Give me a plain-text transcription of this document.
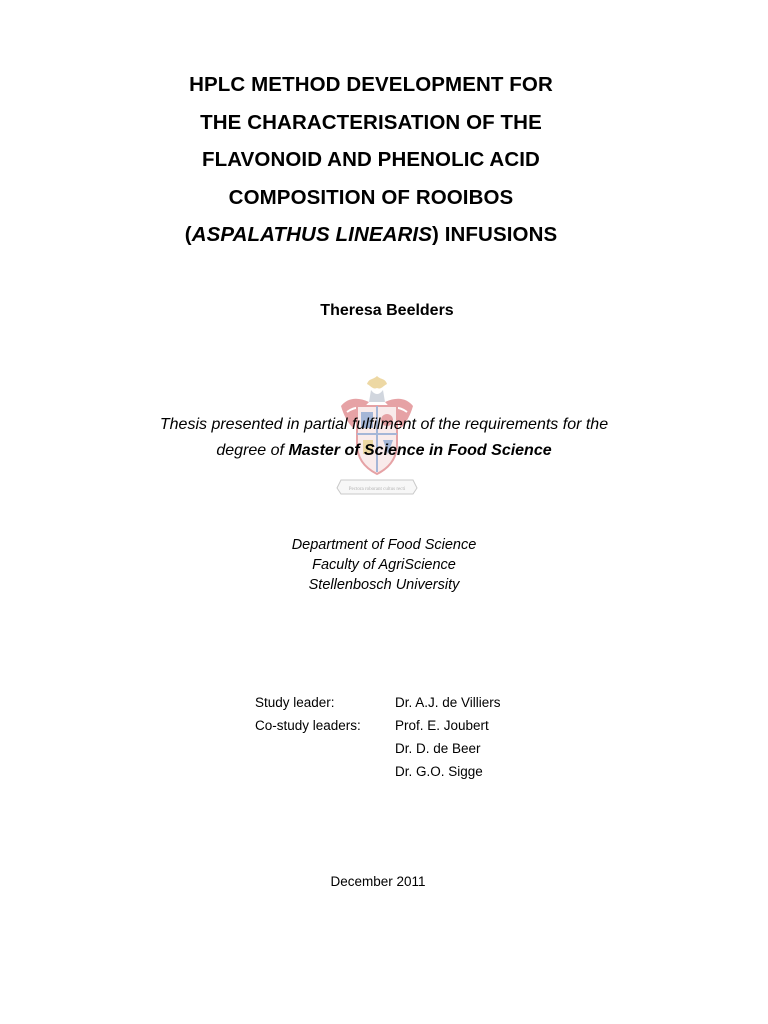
HPLC METHOD DEVELOPMENT FOR
THE CHARACTERISATION OF THE
FLAVONOID AND PHENOLIC ACID
COMPOSITION OF ROOIBOS
(ASPALATHUS LINEARIS) INFUSIONS
Theresa Beelders
Pectora roborant cultus recti
Thesis presented in partial fulfilment of the requirements for the
degree of Master of Science in Food Science
Department of Food Science
Faculty of AgriScience
Stellenbosch University
Study leader:	Dr. A.J. de Villiers
Co-study leaders:	Prof. E. Joubert
Dr. D. de Beer
Dr. G.O. Sigge
December 2011
